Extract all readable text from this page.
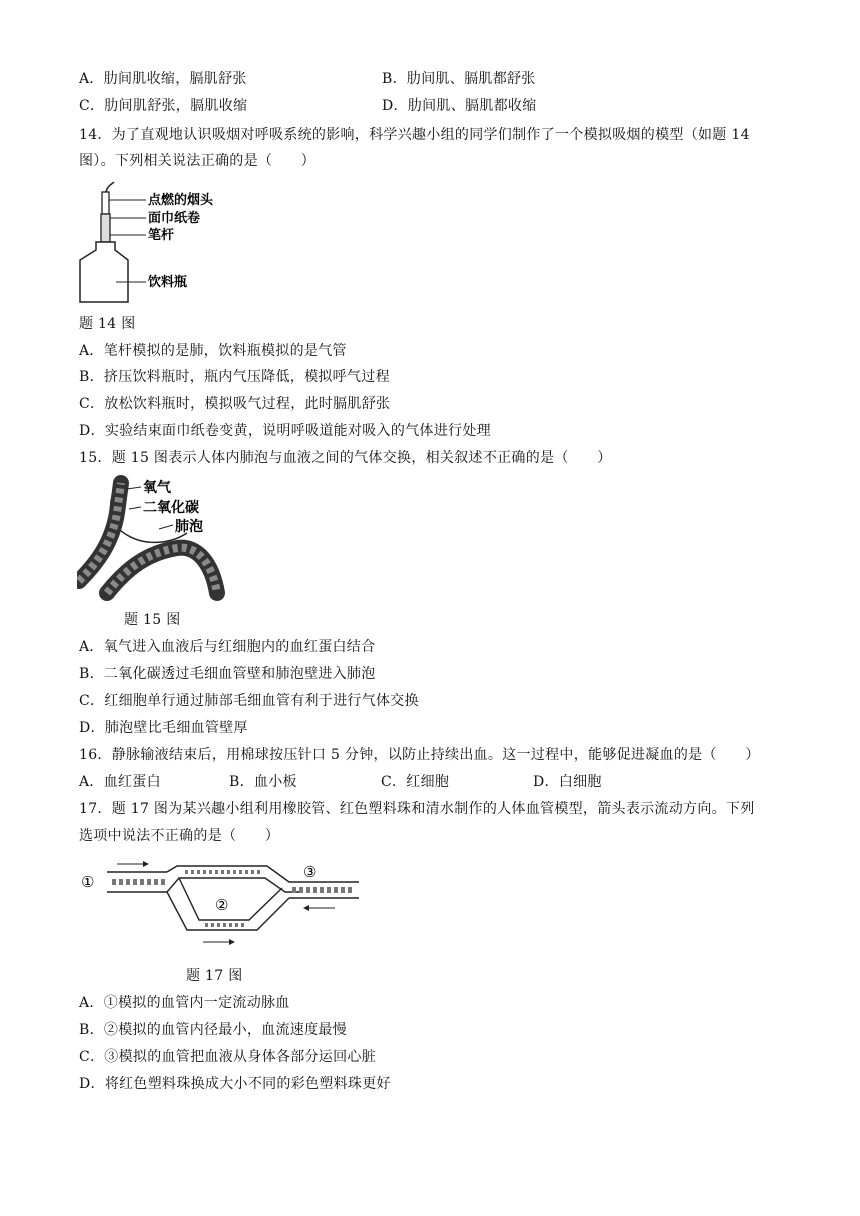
A．肋间肌收缩，膈肌舒张	B．肋间肌、膈肌都舒张
C．肋间肌舒张，膈肌收缩	D．肋间肌、膈肌都收缩
14．为了直观地认识吸烟对呼吸系统的影响，科学兴趣小组的同学们制作了一个模拟吸烟的模型（如题 14
图）。下列相关说法正确的是（　　）
点燃的烟头
面巾纸卷
笔杆
饮料瓶
题 14 图
A．笔杆模拟的是肺，饮料瓶模拟的是气管
B．挤压饮料瓶时，瓶内气压降低，模拟呼气过程
C．放松饮料瓶时，模拟吸气过程，此时膈肌舒张
D．实验结束面巾纸卷变黄，说明呼吸道能对吸入的气体进行处理
15．题 15 图表示人体内肺泡与血液之间的气体交换，相关叙述不正确的是（　　）
氧气
二氧化碳
肺泡
题 15 图
A．氧气进入血液后与红细胞内的血红蛋白结合
B．二氧化碳透过毛细血管壁和肺泡壁进入肺泡
C．红细胞单行通过肺部毛细血管有利于进行气体交换
D．肺泡壁比毛细血管壁厚
16．静脉输液结束后，用棉球按压针口 5 分钟，以防止持续出血。这一过程中，能够促进凝血的是（　　）
A．血红蛋白	B．血小板	C．红细胞	D．白细胞
17．题 17 图为某兴趣小组利用橡胶管、红色塑料珠和清水制作的人体血管模型，箭头表示流动方向。下列
选项中说法不正确的是（　　）
①
②
③
题 17 图
A．①模拟的血管内一定流动脉血
B．②模拟的血管内径最小，血流速度最慢
C．③模拟的血管把血液从身体各部分运回心脏
D．将红色塑料珠换成大小不同的彩色塑料珠更好
